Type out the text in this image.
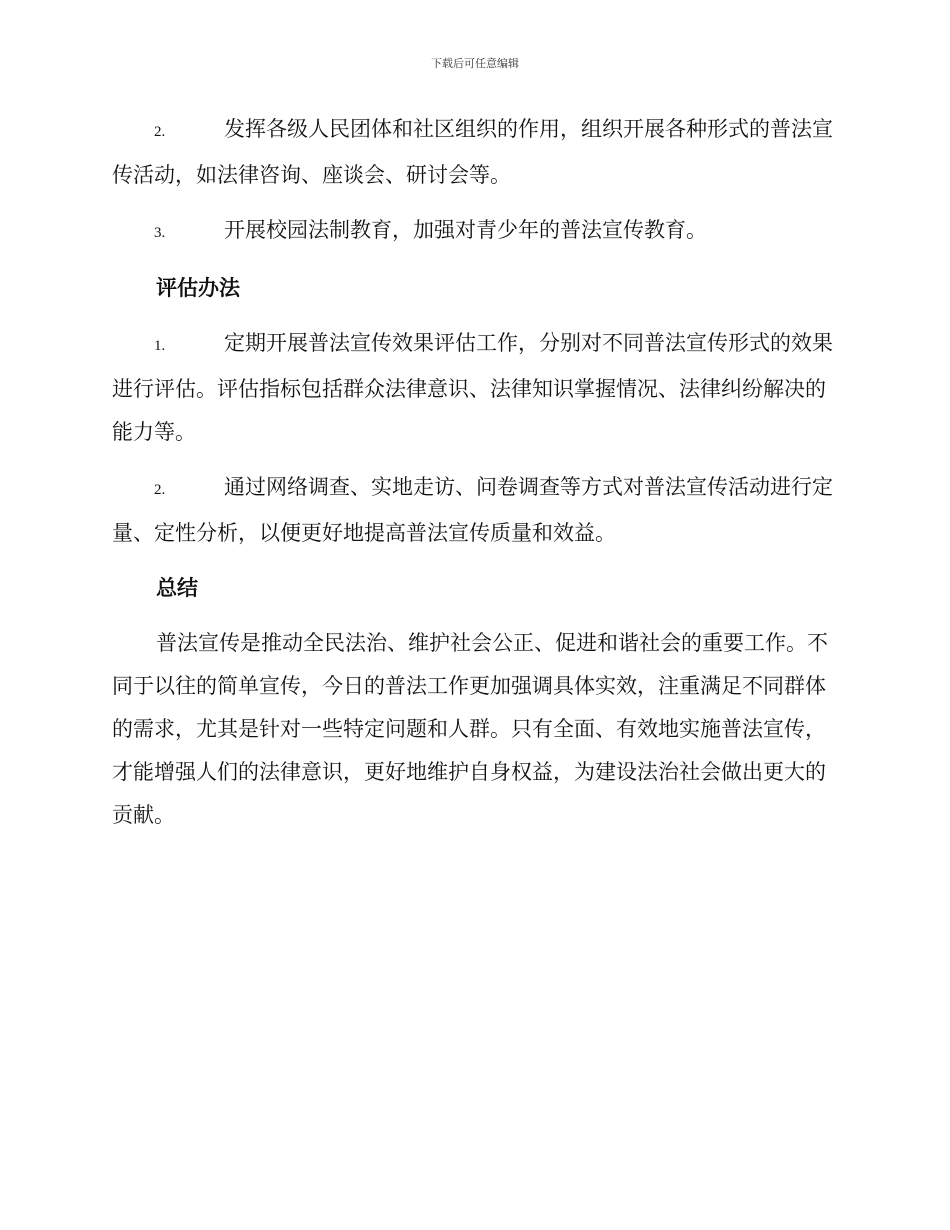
下载后可任意编辑

2.	发挥各级人民团体和社区组织的作用，组织开展各种形式的普法宣传活动，如法律咨询、座谈会、研讨会等。

3.	开展校园法制教育，加强对青少年的普法宣传教育。

评估办法

1.	定期开展普法宣传效果评估工作，分别对不同普法宣传形式的效果进行评估。评估指标包括群众法律意识、法律知识掌握情况、法律纠纷解决的能力等。

2.	通过网络调查、实地走访、问卷调查等方式对普法宣传活动进行定量、定性分析，以便更好地提高普法宣传质量和效益。

总结

普法宣传是推动全民法治、维护社会公正、促进和谐社会的重要工作。不同于以往的简单宣传，今日的普法工作更加强调具体实效，注重满足不同群体的需求，尤其是针对一些特定问题和人群。只有全面、有效地实施普法宣传，才能增强人们的法律意识，更好地维护自身权益，为建设法治社会做出更大的贡献。
